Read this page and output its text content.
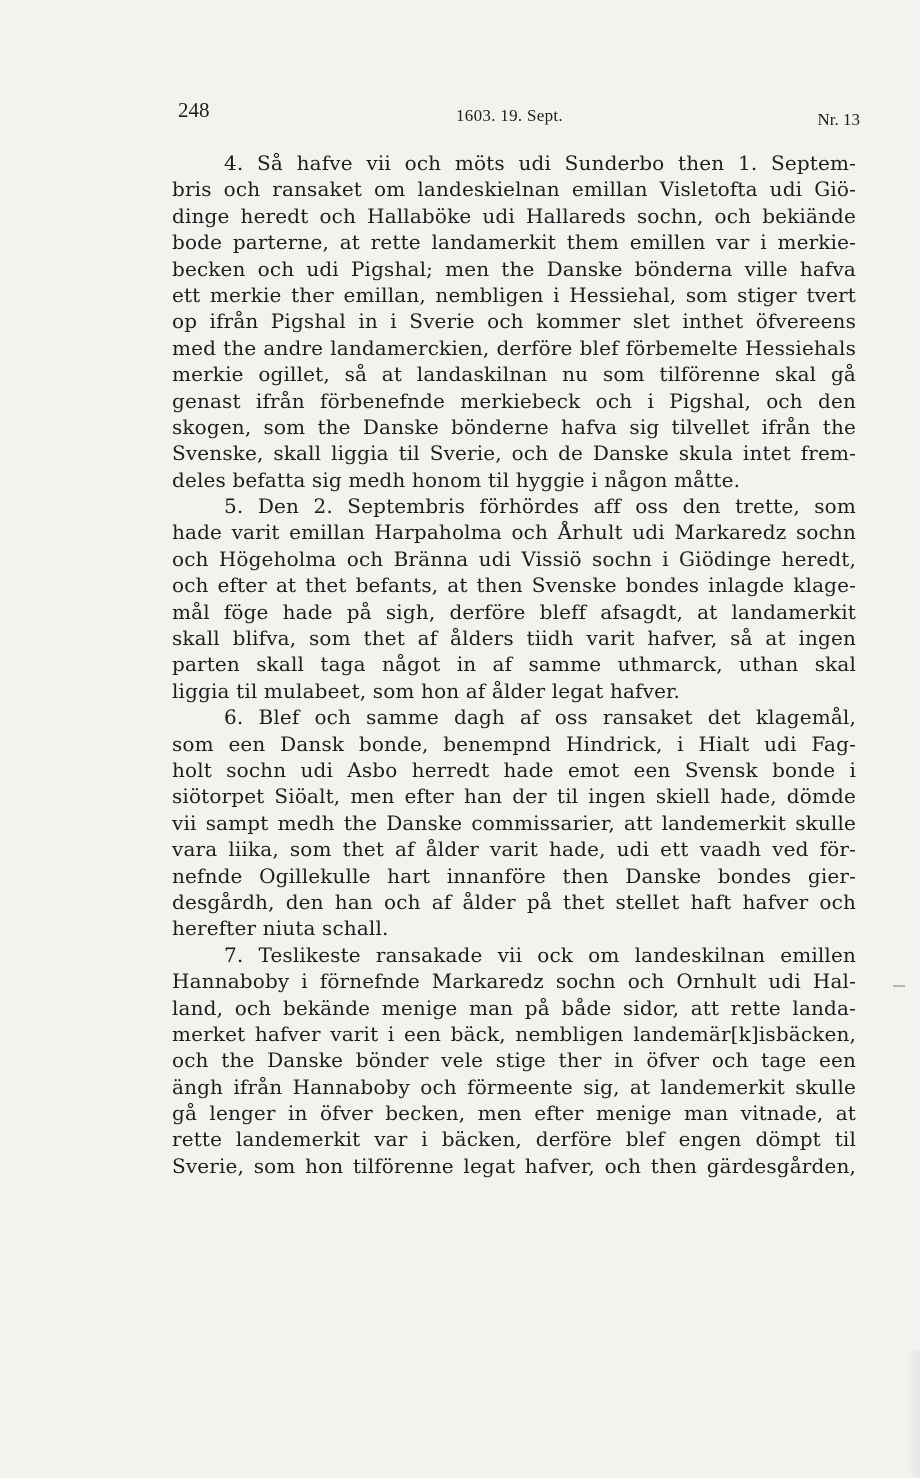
248	1603. 19. Sept.	Nr. 13
4. Så hafve vii och möts udi Sunderbo then 1. Septem-
bris och ransaket om landeskielnan emillan Visletofta udi Giö-
dinge heredt och Hallaböke udi Hallareds sochn, och bekiände
bode parterne, at rette landamerkit them emillen var i merkie-
becken och udi Pigshal; men the Danske bönderna ville hafva
ett merkie ther emillan, nembligen i Hessiehal, som stiger tvert
op ifrån Pigshal in i Sverie och kommer slet inthet öfvereens
med the andre landamerckien, derföre blef förbemelte Hessiehals
merkie ogillet, så at landaskilnan nu som tilförenne skal gå
genast ifrån förbenefnde merkiebeck och i Pigshal, och den
skogen, som the Danske bönderne hafva sig tilvellet ifrån the
Svenske, skall liggia til Sverie, och de Danske skula intet frem-
deles befatta sig medh honom til hyggie i någon måtte.
5. Den 2. Septembris förhördes aff oss den trette, som
hade varit emillan Harpaholma och Århult udi Markaredz sochn
och Högeholma och Bränna udi Vissiö sochn i Giödinge heredt,
och efter at thet befants, at then Svenske bondes inlagde klage-
mål föge hade på sigh, derföre bleff afsagdt, at landamerkit
skall blifva, som thet af ålders tiidh varit hafver, så at ingen
parten skall taga något in af samme uthmarck, uthan skal
liggia til mulabeet, som hon af ålder legat hafver.
6. Blef och samme dagh af oss ransaket det klagemål,
som een Dansk bonde, benempnd Hindrick, i Hialt udi Fag-
holt sochn udi Asbo herredt hade emot een Svensk bonde i
siötorpet Siöalt, men efter han der til ingen skiell hade, dömde
vii sampt medh the Danske commissarier, att landemerkit skulle
vara liika, som thet af ålder varit hade, udi ett vaadh ved för-
nefnde Ogillekulle hart innanföre then Danske bondes gier-
desgårdh, den han och af ålder på thet stellet haft hafver och
herefter niuta schall.
7. Teslikeste ransakade vii ock om landeskilnan emillen
Hannaboby i förnefnde Markaredz sochn och Ornhult udi Hal-
land, och bekände menige man på både sidor, att rette landa-
merket hafver varit i een bäck, nembligen landemär[k]isbäcken,
och the Danske bönder vele stige ther in öfver och tage een
ängh ifrån Hannaboby och förmeente sig, at landemerkit skulle
gå lenger in öfver becken, men efter menige man vitnade, at
rette landemerkit var i bäcken, derföre blef engen dömpt til
Sverie, som hon tilförenne legat hafver, och then gärdesgården,
